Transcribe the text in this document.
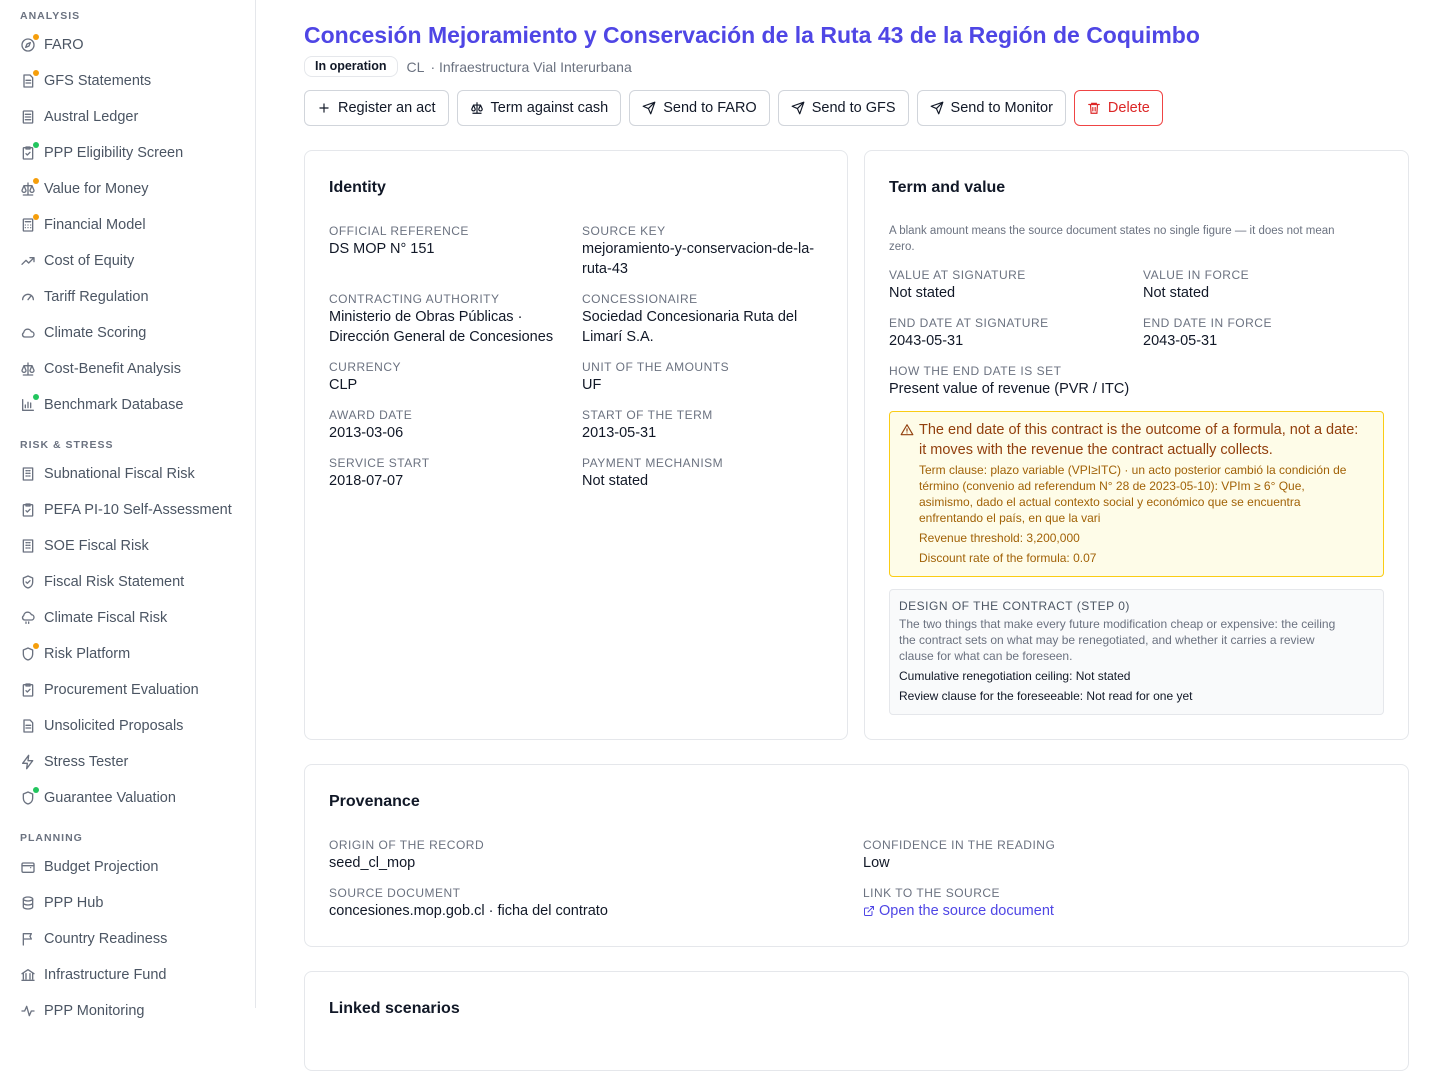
ANALYSIS
FARO
GFS Statements
Austral Ledger
PPP Eligibility Screen
Value for Money
Financial Model
Cost of Equity
Tariff Regulation
Climate Scoring
Cost-Benefit Analysis
Benchmark Database
RISK & STRESS
Subnational Fiscal Risk
PEFA PI-10 Self-Assessment
SOE Fiscal Risk
Fiscal Risk Statement
Climate Fiscal Risk
Risk Platform
Procurement Evaluation
Unsolicited Proposals
Stress Tester
Guarantee Valuation
PLANNING
Budget Projection
PPP Hub
Country Readiness
Infrastructure Fund
PPP Monitoring
Concesión Mejoramiento y Conservación de la Ruta 43 de la Región de Coquimbo
In operation	CL · Infraestructura Vial Interurbana
Register an act	Term against cash	Send to FARO	Send to GFS	Send to Monitor	Delete
Identity
OFFICIAL REFERENCE
DS MOP N° 151
SOURCE KEY
mejoramiento-y-conservacion-de-la-
ruta-43
CONTRACTING AUTHORITY
Ministerio de Obras Públicas ·
Dirección General de Concesiones
CONCESSIONAIRE
Sociedad Concesionaria Ruta del
Limarí S.A.
CURRENCY
CLP
UNIT OF THE AMOUNTS
UF
AWARD DATE
2013-03-06
START OF THE TERM
2013-05-31
SERVICE START
2018-07-07
PAYMENT MECHANISM
Not stated
Term and value
A blank amount means the source document states no single figure — it does not mean
zero.
VALUE AT SIGNATURE
Not stated
VALUE IN FORCE
Not stated
END DATE AT SIGNATURE
2043-05-31
END DATE IN FORCE
2043-05-31
HOW THE END DATE IS SET
Present value of revenue (PVR / ITC)
The end date of this contract is the outcome of a formula, not a date:
it moves with the revenue the contract actually collects.
Term clause: plazo variable (VPI≥ITC) · un acto posterior cambió la condición de
término (convenio ad referendum N° 28 de 2023-05-10): VPIm ≥ 6° Que,
asimismo, dado el actual contexto social y económico que se encuentra
enfrentando el país, en que la vari
Revenue threshold: 3,200,000
Discount rate of the formula: 0.07
DESIGN OF THE CONTRACT (STEP 0)
The two things that make every future modification cheap or expensive: the ceiling
the contract sets on what may be renegotiated, and whether it carries a review
clause for what can be foreseen.
Cumulative renegotiation ceiling: Not stated
Review clause for the foreseeable: Not read for one yet
Provenance
ORIGIN OF THE RECORD
seed_cl_mop
CONFIDENCE IN THE READING
Low
SOURCE DOCUMENT
concesiones.mop.gob.cl · ficha del contrato
LINK TO THE SOURCE
Open the source document
Linked scenarios
